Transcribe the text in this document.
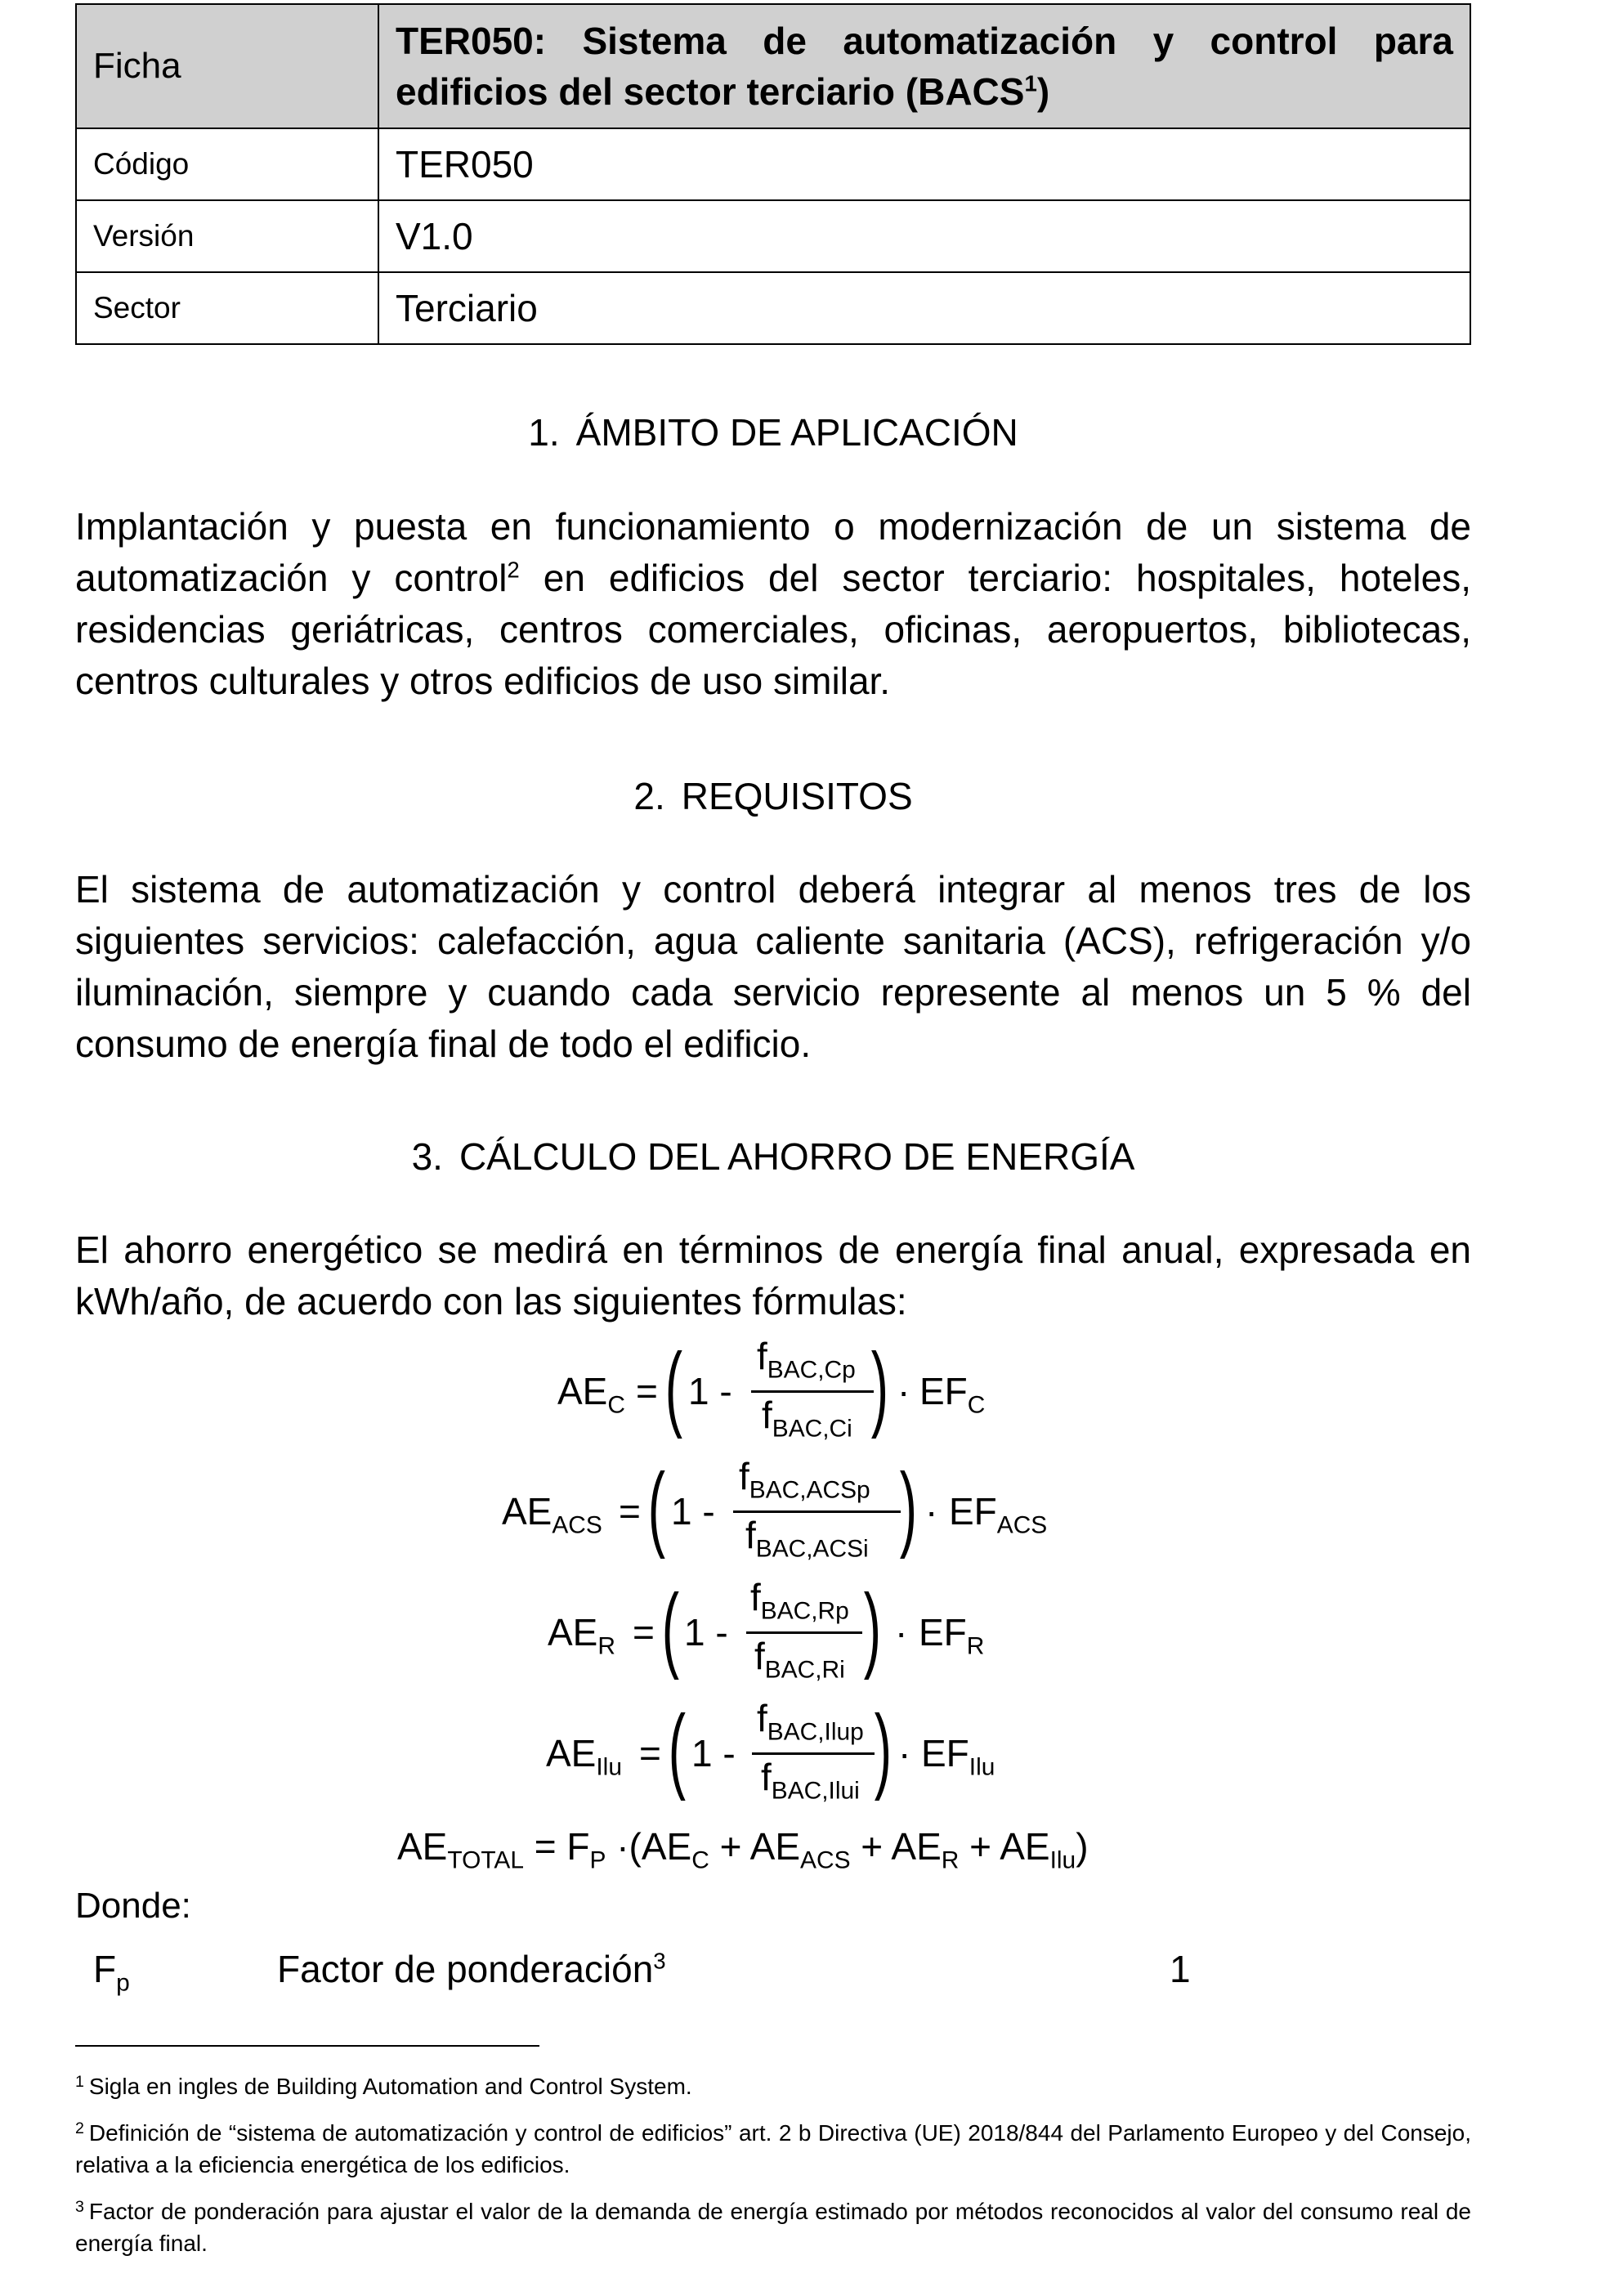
Ficha	TER050: Sistema de automatización y control para edificios del sector terciario (BACS$^1$)
Código	TER050
Versión	V1.0
Sector	Terciario
1. ÁMBITO DE APLICACIÓN
Implantación y puesta en funcionamiento o modernización de un sistema de automatización y control$^2$ en edificios del sector terciario: hospitales, hoteles, residencias geriátricas, centros comerciales, oficinas, aeropuertos, bibliotecas, centros culturales y otros edificios de uso similar.
2. REQUISITOS
El sistema de automatización y control deberá integrar al menos tres de los siguientes servicios: calefacción, agua caliente sanitaria (ACS), refrigeración y/o iluminación, siempre y cuando cada servicio represente al menos un 5 % del consumo de energía final de todo el edificio.
3. CÁLCULO DEL AHORRO DE ENERGÍA
El ahorro energético se medirá en términos de energía final anual, expresada en kWh/año, de acuerdo con las siguientes fórmulas:
$AE_C$ = ( 1 -
$f_{BAC,Cp}$
$f_{BAC,Ci}$ ) · $EF_C$
$AE_{ACS}$ = ( 1 -
$f_{BAC,ACSp}$
$f_{BAC,ACSi}$ ) · $EF_{ACS}$
$AE_R$ = ( 1 -
$f_{BAC,Rp}$
$f_{BAC,Ri}$ ) · $EF_R$
$AE_{Ilu}$ = ( 1 -
$f_{BAC,Ilup}$
$f_{BAC,Ilui}$ ) · $EF_{Ilu}$
$AE_{TOTAL} = F_P \cdot(AE_C + AE_{ACS} + AE_R + AE_{Ilu})$
Donde:
$F_p$	Factor de ponderación$^3$	1
$^1$ Sigla en ingles de Building Automation and Control System.
$^2$ Definición de “sistema de automatización y control de edificios” art. 2 b Directiva (UE) 2018/844 del Parlamento Europeo y del Consejo, relativa a la eficiencia energética de los edificios.
$^3$ Factor de ponderación para ajustar el valor de la demanda de energía estimado por métodos reconocidos al valor del consumo real de energía final.
